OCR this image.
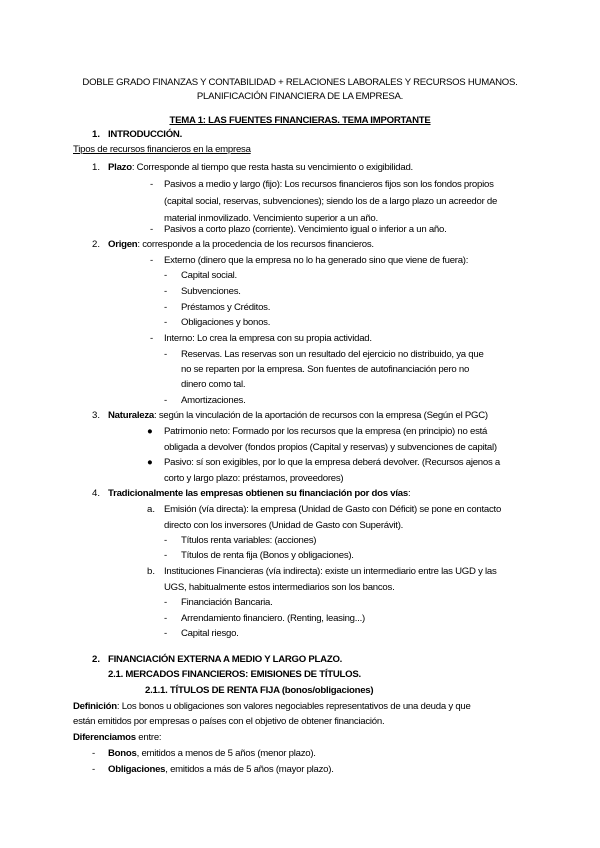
DOBLE GRADO FINANZAS Y CONTABILIDAD + RELACIONES LABORALES Y RECURSOS HUMANOS.
PLANIFICACIÓN FINANCIERA DE LA EMPRESA.
TEMA 1: LAS FUENTES FINANCIERAS. TEMA IMPORTANTE
1. INTRODUCCIÓN.
Tipos de recursos financieros en la empresa
1. Plazo: Corresponde al tiempo que resta hasta su vencimiento o exigibilidad.
- Pasivos a medio y largo (fijo): Los recursos financieros fijos son los fondos propios
(capital social, reservas, subvenciones); siendo los de a largo plazo un acreedor de
material inmovilizado. Vencimiento superior a un año.
- Pasivos a corto plazo (corriente). Vencimiento igual o inferior a un año.
2. Origen: corresponde a la procedencia de los recursos financieros.
- Externo (dinero que la empresa no lo ha generado sino que viene de fuera):
- Capital social.
- Subvenciones.
- Préstamos y Créditos.
- Obligaciones y bonos.
- Interno: Lo crea la empresa con su propia actividad.
- Reservas. Las reservas son un resultado del ejercicio no distribuido, ya que
no se reparten por la empresa. Son fuentes de autofinanciación pero no
dinero como tal.
- Amortizaciones.
3. Naturaleza: según la vinculación de la aportación de recursos con la empresa (Según el PGC)
● Patrimonio neto: Formado por los recursos que la empresa (en principio) no está
obligada a devolver (fondos propios (Capital y reservas) y subvenciones de capital)
● Pasivo: sí son exigibles, por lo que la empresa deberá devolver. (Recursos ajenos a
corto y largo plazo: préstamos, proveedores)
4. Tradicionalmente las empresas obtienen su financiación por dos vías:
a. Emisión (vía directa): la empresa (Unidad de Gasto con Déficit) se pone en contacto
directo con los inversores (Unidad de Gasto con Superávit).
- Títulos renta variables: (acciones)
- Títulos de renta fija (Bonos y obligaciones).
b. Instituciones Financieras (vía indirecta): existe un intermediario entre las UGD y las
UGS, habitualmente estos intermediarios son los bancos.
- Financiación Bancaria.
- Arrendamiento financiero. (Renting, leasing...)
- Capital riesgo.
2. FINANCIACIÓN EXTERNA A MEDIO Y LARGO PLAZO.
2.1. MERCADOS FINANCIEROS: EMISIONES DE TÍTULOS.
2.1.1. TÍTULOS DE RENTA FIJA (bonos/obligaciones)
Definición: Los bonos u obligaciones son valores negociables representativos de una deuda y que
están emitidos por empresas o países con el objetivo de obtener financiación.
Diferenciamos entre:
- Bonos, emitidos a menos de 5 años (menor plazo).
- Obligaciones, emitidos a más de 5 años (mayor plazo).
